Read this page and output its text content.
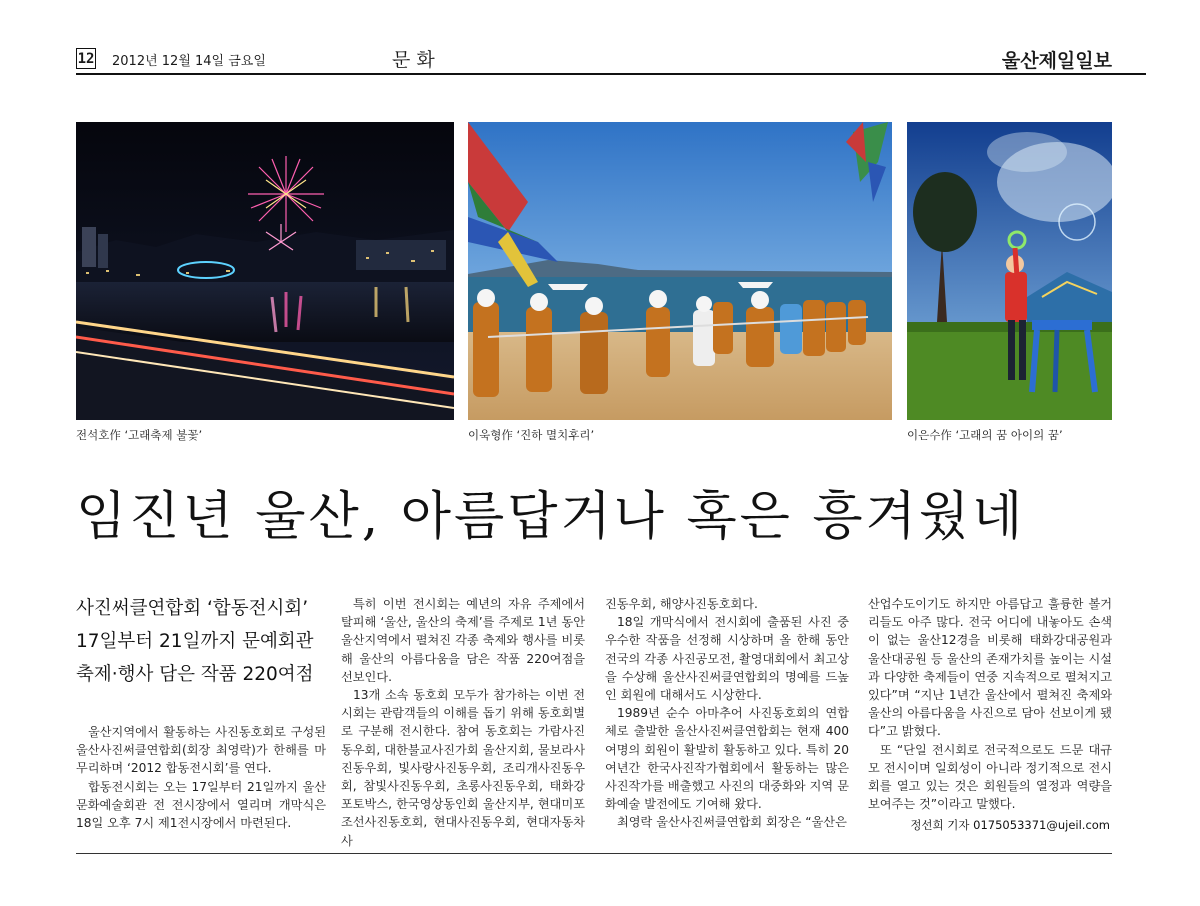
12 2012년 12월 14일 금요일	문화	울산제일일보
전석호作 ‘고래축제 불꽃’	이욱형作 ‘진하 멸치후리’	이은수作 ‘고래의 꿈 아이의 꿈’
임진년 울산, 아름답거나 혹은 흥겨웠네
사진써클연합회 ‘합동전시회’
17일부터 21일까지 문예회관
축제·행사 담은 작품 220여점

울산지역에서 활동하는 사진동호회로 구성된 울산사진써클연합회(회장 최영락)가 한해를 마무리하며 ‘2012 합동전시회’를 연다.

합동전시회는 오는 17일부터 21일까지 울산문화예술회관 전 전시장에서 열리며 개막식은 18일 오후 7시 제1전시장에서 마련된다.

특히 이번 전시회는 예년의 자유 주제에서 탈피해 ‘울산, 울산의 축제’를 주제로 1년 동안 울산지역에서 펼쳐진 각종 축제와 행사를 비롯해 울산의 아름다움을 담은 작품 220여점을 선보인다.

13개 소속 동호회 모두가 참가하는 이번 전시회는 관람객들의 이해를 돕기 위해 동호회별로 구분해 전시한다. 참여 동호회는 가람사진동우회, 대한불교사진가회 울산지회, 물보라사진동우회, 빛사랑사진동우회, 조리개사진동우회, 참빛사진동우회, 초롱사진동우회, 태화강포토박스, 한국영상동인회 울산지부, 현대미포조선사진동호회, 현대사진동우회, 현대자동차사

진동우회, 해양사진동호회다.

18일 개막식에서 전시회에 출품된 사진 중 우수한 작품을 선정해 시상하며 올 한해 동안 전국의 각종 사진공모전, 촬영대회에서 최고상을 수상해 울산사진써클연합회의 명예를 드높인 회원에 대해서도 시상한다.

1989년 순수 아마추어 사진동호회의 연합체로 출발한 울산사진써클연합회는 현재 400여명의 회원이 활발히 활동하고 있다. 특히 20여년간 한국사진작가협회에서 활동하는 많은 사진작가를 배출했고 사진의 대중화와 지역 문화예술 발전에도 기여해 왔다.

최영락 울산사진써클연합회 회장은 “울산은

산업수도이기도 하지만 아름답고 훌륭한 볼거리들도 아주 많다. 전국 어디에 내놓아도 손색이 없는 울산12경을 비롯해 태화강대공원과 울산대공원 등 울산의 존재가치를 높이는 시설과 다양한 축제들이 연중 지속적으로 펼쳐지고 있다”며 “지난 1년간 울산에서 펼쳐진 축제와 울산의 아름다움을 사진으로 담아 선보이게 됐다”고 밝혔다.

또 “단일 전시회로 전국적으로도 드문 대규모 전시이며 일회성이 아니라 정기적으로 전시회를 열고 있는 것은 회원들의 열정과 역량을 보여주는 것”이라고 말했다.

정선희 기자 0175053371@ujeil.com
